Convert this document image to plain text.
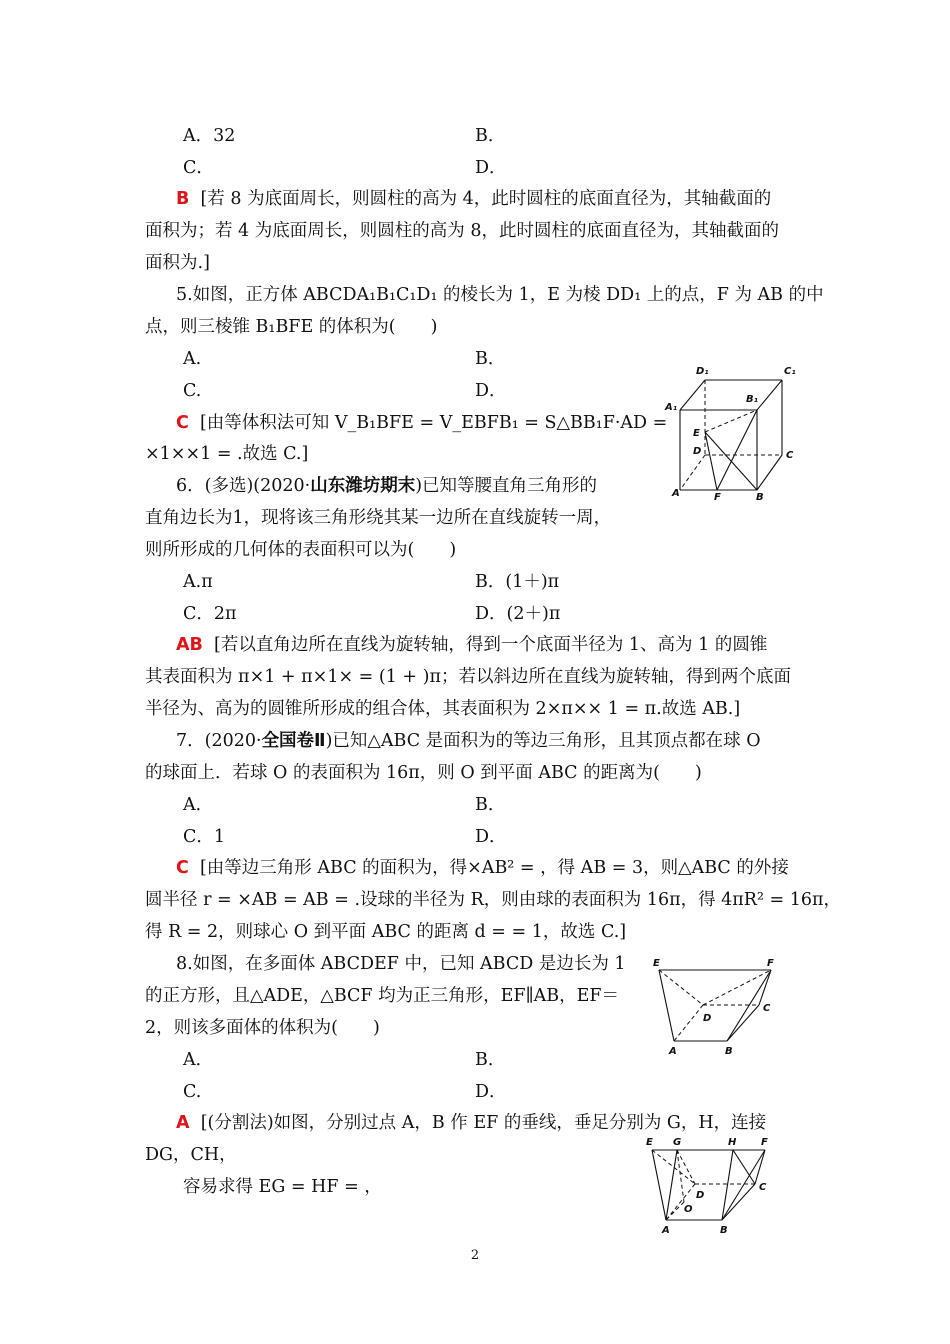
A．32	B．
C．	D．
B [若 8 为底面周长，则圆柱的高为 4，此时圆柱的底面直径为，其轴截面的
面积为；若 4 为底面周长，则圆柱的高为 8，此时圆柱的底面直径为，其轴截面的
面积为.]
5.如图，正方体 ABCDA₁B₁C₁D₁ 的棱长为 1，E 为棱 DD₁ 上的点，F 为 AB 的中
点，则三棱锥 B₁BFE 的体积为(　　)
A.	B．
C.	D．
C [由等体积法可知 V_B₁BFE = V_EBFB₁ = S△BB₁F·AD =
×1××1 = .故选 C.]
6．(多选)(2020·山东潍坊期末)已知等腰直角三角形的
直角边长为1，现将该三角形绕其某一边所在直线旋转一周，
则所形成的几何体的表面积可以为(　　)
A.π	B．(1＋)π
C．2π	D．(2＋)π
AB [若以直角边所在直线为旋转轴，得到一个底面半径为 1、高为 1 的圆锥
其表面积为 π×1 + π×1× = (1 + )π；若以斜边所在直线为旋转轴，得到两个底面
半径为、高为的圆锥所形成的组合体，其表面积为 2×π×× 1 = π.故选 AB.]
7．(2020·全国卷Ⅱ)已知△ABC 是面积为的等边三角形，且其顶点都在球 O
的球面上．若球 O 的表面积为 16π，则 O 到平面 ABC 的距离为(　　)
A．	B．
C．1	D．
C [由等边三角形 ABC 的面积为，得×AB² = ，得 AB = 3，则△ABC 的外接
圆半径 r = ×AB = AB = .设球的半径为 R，则由球的表面积为 16π，得 4πR² = 16π，
得 R = 2，则球心 O 到平面 ABC 的距离 d = = 1，故选 C.]
8.如图，在多面体 ABCDEF 中，已知 ABCD 是边长为 1
的正方形，且△ADE，△BCF 均为正三角形，EF∥AB，EF＝
2，则该多面体的体积为(　　)
A．	B．
C.	D．
A [(分割法)如图，分别过点 A，B 作 EF 的垂线，垂足分别为 G，H，连接
DG，CH，
容易求得 EG = HF = ，
D₁	C₁
A₁
B₁
E
D	C
A	F	B
E	F
D
C
A	B
E G	H F
D
C
O
A	B
2
